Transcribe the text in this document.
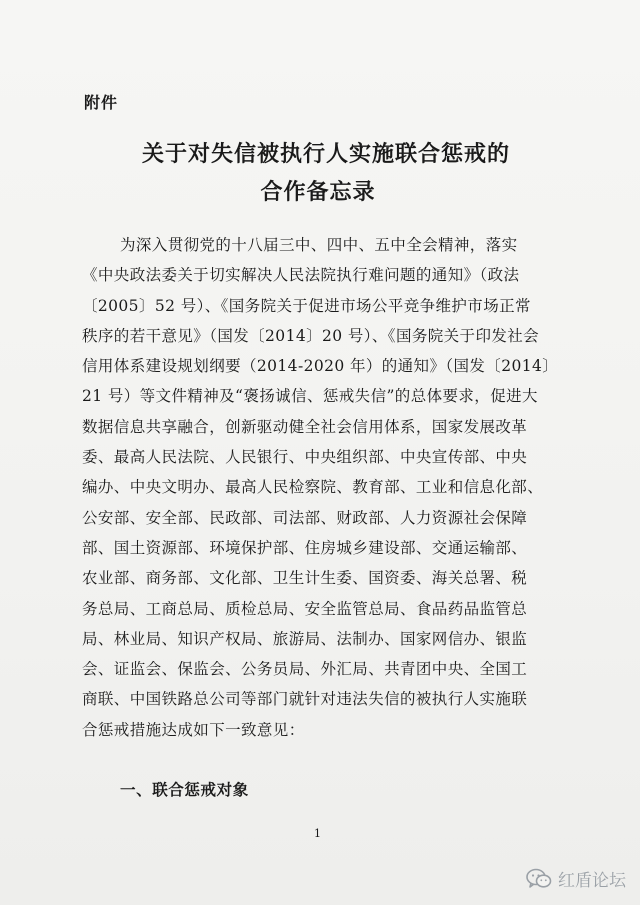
附件
关于对失信被执行人实施联合惩戒的
合作备忘录
为深入贯彻党的十八届三中、四中、五中全会精神，落实
《中央政法委关于切实解决人民法院执行难问题的通知》（政法
〔2005〕52 号）、《国务院关于促进市场公平竞争维护市场正常
秩序的若干意见》（国发〔2014〕20 号）、《国务院关于印发社会
信用体系建设规划纲要（2014-2020 年）的通知》（国发〔2014〕
21 号）等文件精神及“褒扬诚信、惩戒失信”的总体要求，促进大
数据信息共享融合，创新驱动健全社会信用体系，国家发展改革
委、最高人民法院、人民银行、中央组织部、中央宣传部、中央
编办、中央文明办、最高人民检察院、教育部、工业和信息化部、
公安部、安全部、民政部、司法部、财政部、人力资源社会保障
部、国土资源部、环境保护部、住房城乡建设部、交通运输部、
农业部、商务部、文化部、卫生计生委、国资委、海关总署、税
务总局、工商总局、质检总局、安全监管总局、食品药品监管总
局、林业局、知识产权局、旅游局、法制办、国家网信办、银监
会、证监会、保监会、公务员局、外汇局、共青团中央、全国工
商联、中国铁路总公司等部门就针对违法失信的被执行人实施联
合惩戒措施达成如下一致意见：
一、联合惩戒对象
1
红盾论坛
